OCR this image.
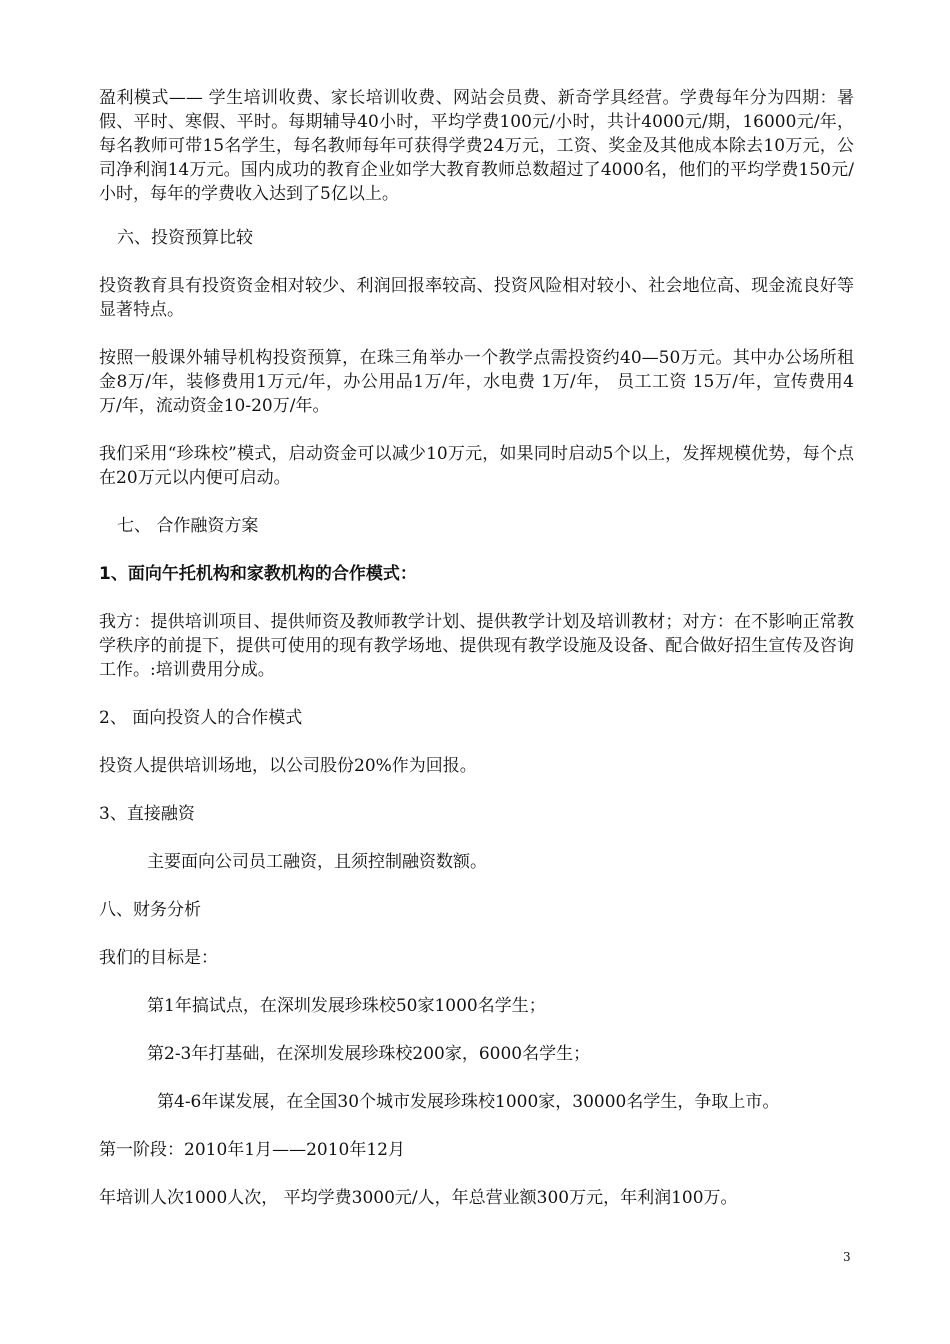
盈利模式—— 学生培训收费、家长培训收费、网站会员费、新奇学具经营。学费每年分为四期：暑假、平时、寒假、平时。每期辅导40小时，平均学费100元/小时，共计4000元/期，16000元/年，每名教师可带15名学生，每名教师每年可获得学费24万元，工资、奖金及其他成本除去10万元，公司净利润14万元。国内成功的教育企业如学大教育教师总数超过了4000名，他们的平均学费150元/小时，每年的学费收入达到了5亿以上。

六、投资预算比较

投资教育具有投资资金相对较少、利润回报率较高、投资风险相对较小、社会地位高、现金流良好等显著特点。

按照一般课外辅导机构投资预算，在珠三角举办一个教学点需投资约40—50万元。其中办公场所租金8万/年，装修费用1万元/年，办公用品1万/年，水电费 1万/年， 员工工资 15万/年，宣传费用4万/年，流动资金10-20万/年。

我们采用“珍珠校”模式，启动资金可以减少10万元，如果同时启动5个以上，发挥规模优势，每个点在20万元以内便可启动。

七、 合作融资方案

1、面向午托机构和家教机构的合作模式：

我方：提供培训项目、提供师资及教师教学计划、提供教学计划及培训教材；对方：在不影响正常教学秩序的前提下，提供可使用的现有教学场地、提供现有教学设施及设备、配合做好招生宣传及咨询工作。:培训费用分成。

2、 面向投资人的合作模式

投资人提供培训场地，以公司股份20%作为回报。

3、直接融资

主要面向公司员工融资，且须控制融资数额。

八、财务分析

我们的目标是：

第1年搞试点，在深圳发展珍珠校50家1000名学生；

第2-3年打基础，在深圳发展珍珠校200家，6000名学生；

第4-6年谋发展，在全国30个城市发展珍珠校1000家，30000名学生，争取上市。

第一阶段：2010年1月——2010年12月

年培训人次1000人次， 平均学费3000元/人，年总营业额300万元，年利润100万。

3
